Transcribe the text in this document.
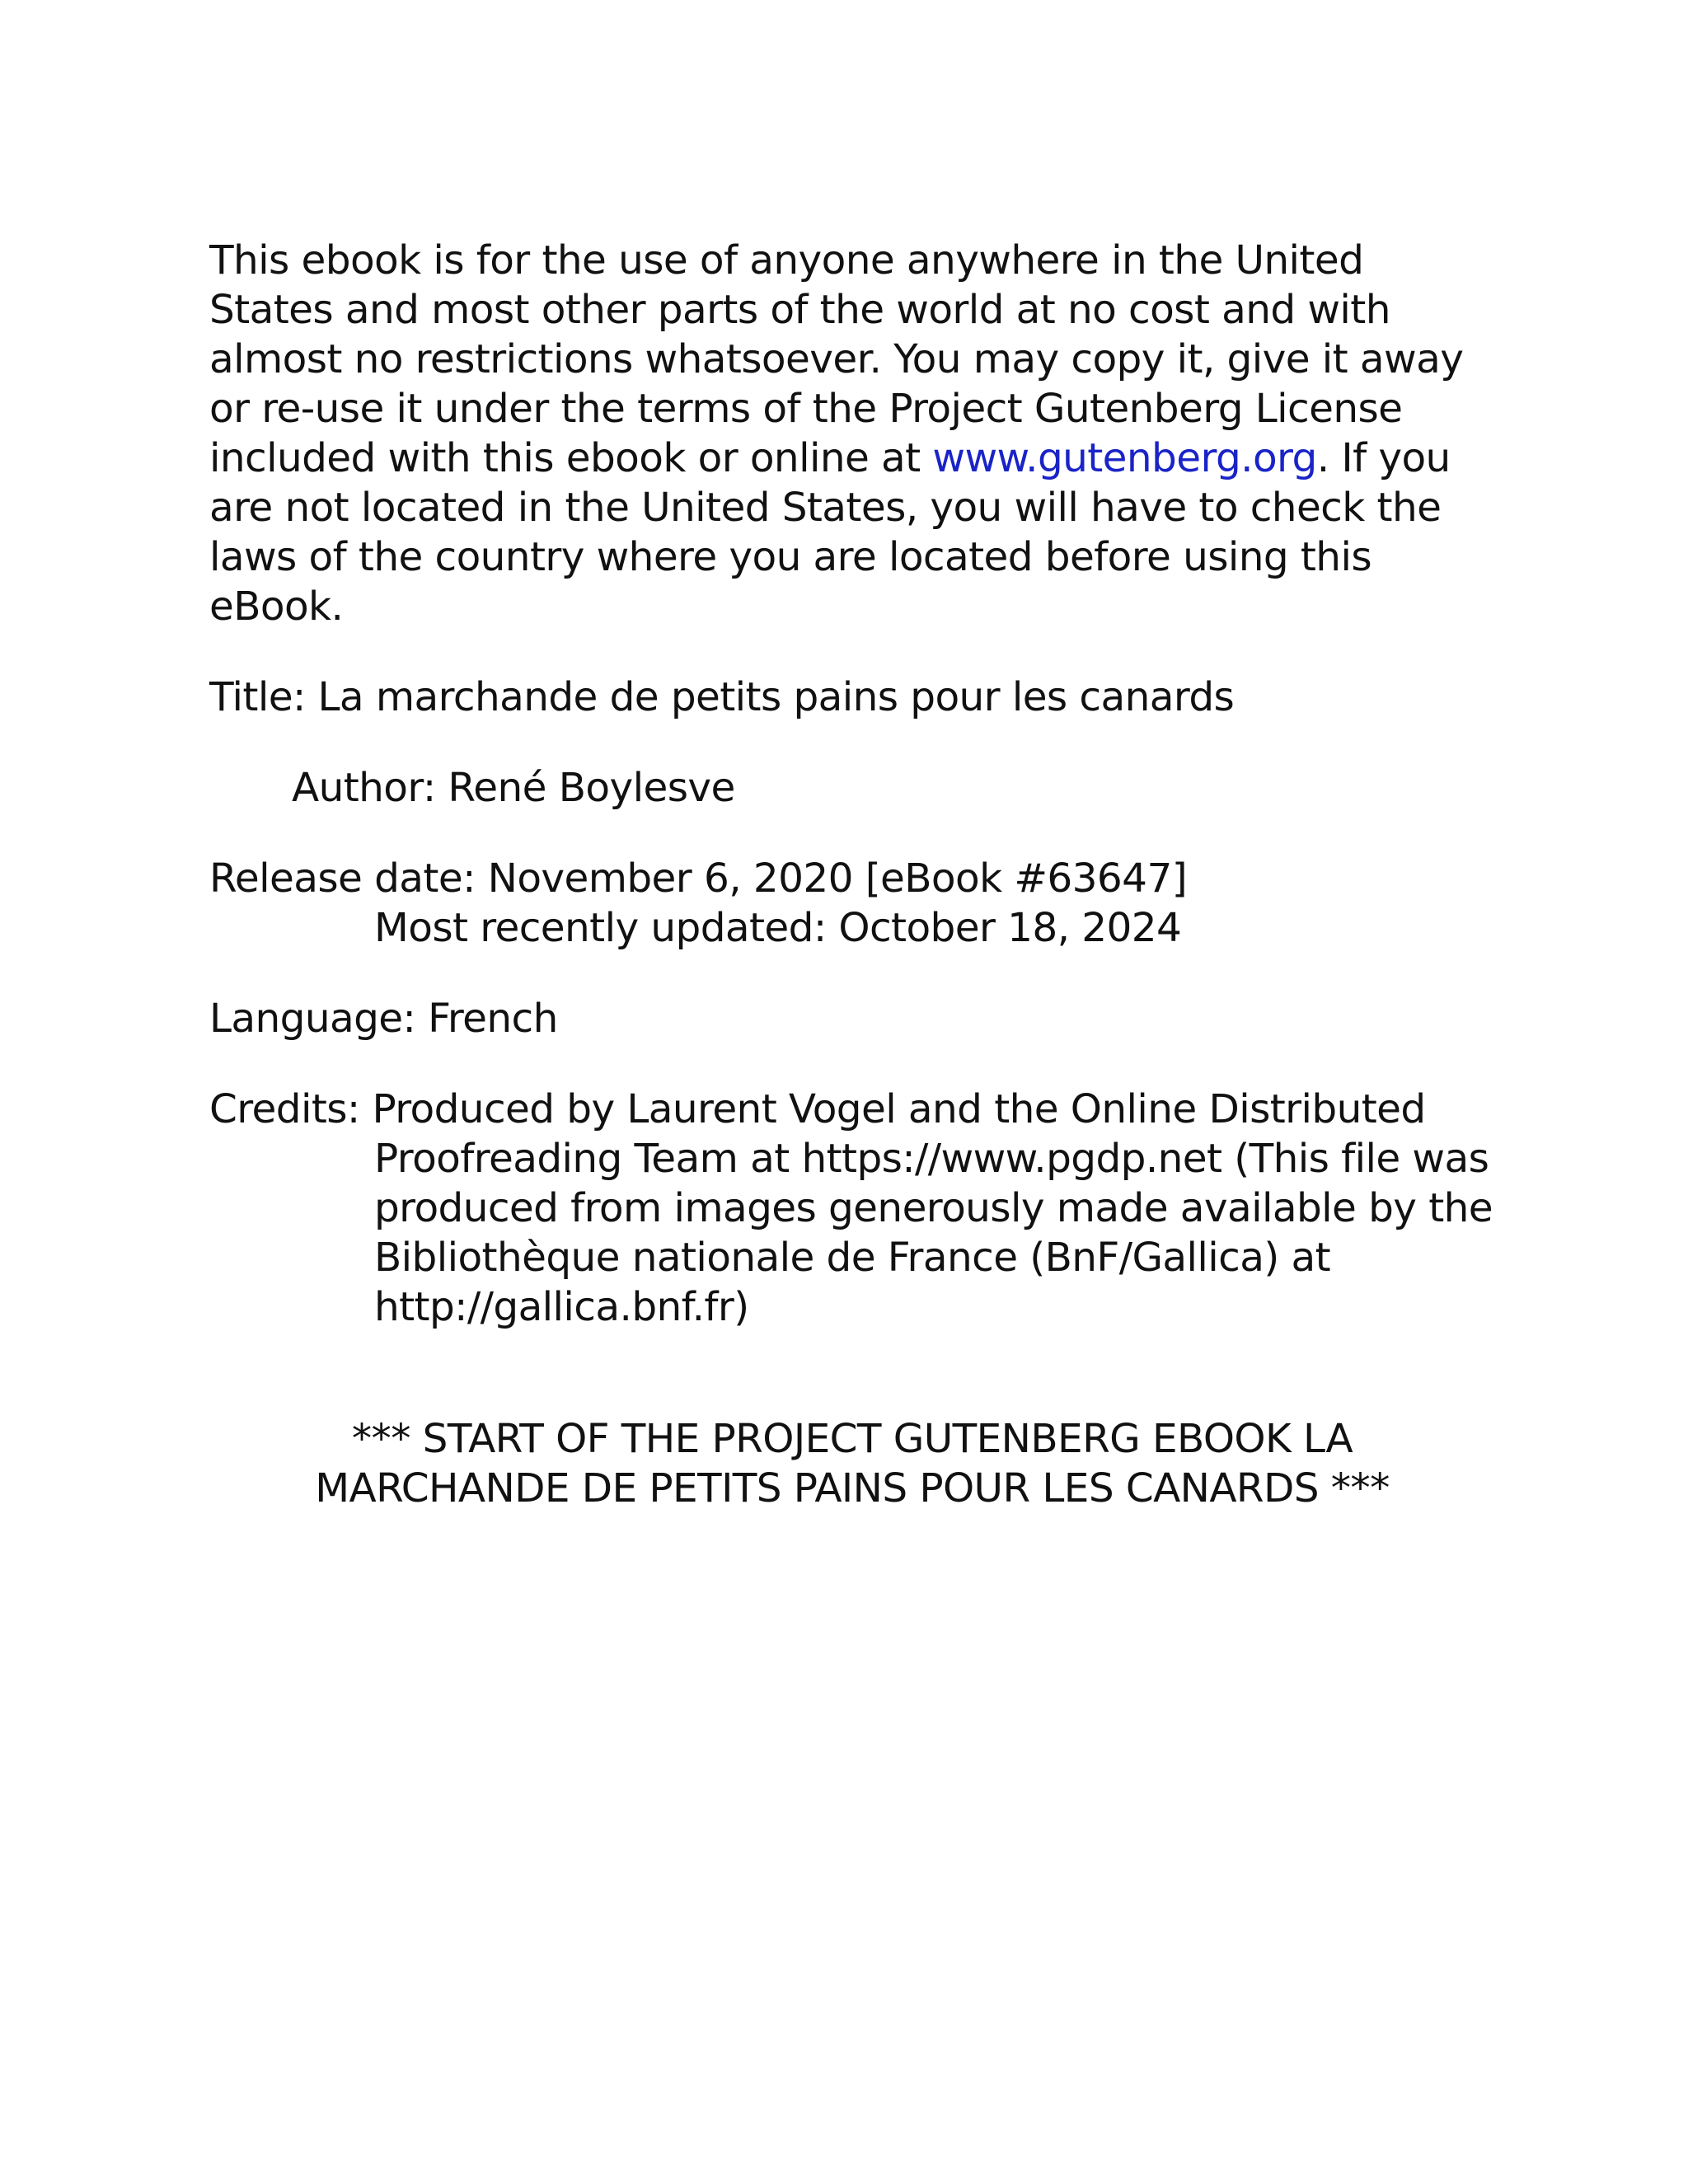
This ebook is for the use of anyone anywhere in the United States and most other parts of the world at no cost and with almost no restrictions whatsoever. You may copy it, give it away or re-use it under the terms of the Project Gutenberg License included with this ebook or online at www.gutenberg.org. If you are not located in the United States, you will have to check the laws of the country where you are located before using this eBook.

Title: La marchande de petits pains pour les canards

Author: René Boylesve

Release date: November 6, 2020 [eBook #63647]
Most recently updated: October 18, 2024

Language: French

Credits: Produced by Laurent Vogel and the Online Distributed Proofreading Team at https://www.pgdp.net (This file was produced from images generously made available by the Bibliothèque nationale de France (BnF/Gallica) at http://gallica.bnf.fr)

*** START OF THE PROJECT GUTENBERG EBOOK LA MARCHANDE DE PETITS PAINS POUR LES CANARDS ***
